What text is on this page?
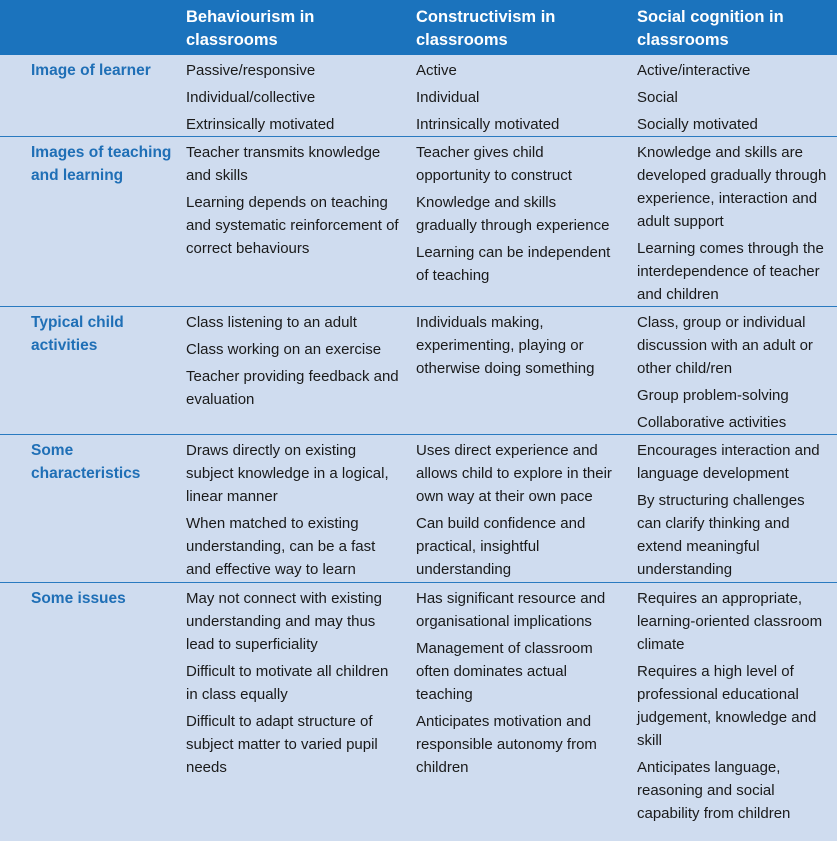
Behaviourism in classrooms
Constructivism in classrooms
Social cognition in classrooms
Image of learner	Passive/responsive

Individual/collective

Extrinsically motivated

Active

Individual

Intrinsically motivated

Active/interactive

Social

Socially motivated

Images of teaching and learning

Teacher transmits knowledge and skills

Learning depends on teaching and systematic reinforcement of correct behaviours

Teacher gives child opportunity to construct

Knowledge and skills gradually through experience

Learning can be independent of teaching

Knowledge and skills are developed gradually through experience, interaction and adult support

Learning comes through the interdependence of teacher and children

Typical child activities

Class listening to an adult

Class working on an exercise

Teacher providing feedback and evaluation

Individuals making, experimenting, playing or otherwise doing something

Class, group or individual discussion with an adult or other child/ren

Group problem-solving

Collaborative activities

Some characteristics

Draws directly on existing subject knowledge in a logical, linear manner

When matched to existing understanding, can be a fast and effective way to learn

Uses direct experience and allows child to explore in their own way at their own pace

Can build confidence and practical, insightful understanding

Encourages interaction and language development

By structuring challenges can clarify thinking and extend meaningful understanding

Some issues	May not connect with existing understanding and may thus lead to superficiality

Difficult to motivate all children in class equally

Difficult to adapt structure of subject matter to varied pupil needs

Has significant resource and organisational implications

Management of classroom often dominates actual teaching

Anticipates motivation and responsible autonomy from children

Requires an appropriate, learning-oriented classroom climate

Requires a high level of professional educational judgement, knowledge and skill

Anticipates language, reasoning and social capability from children
